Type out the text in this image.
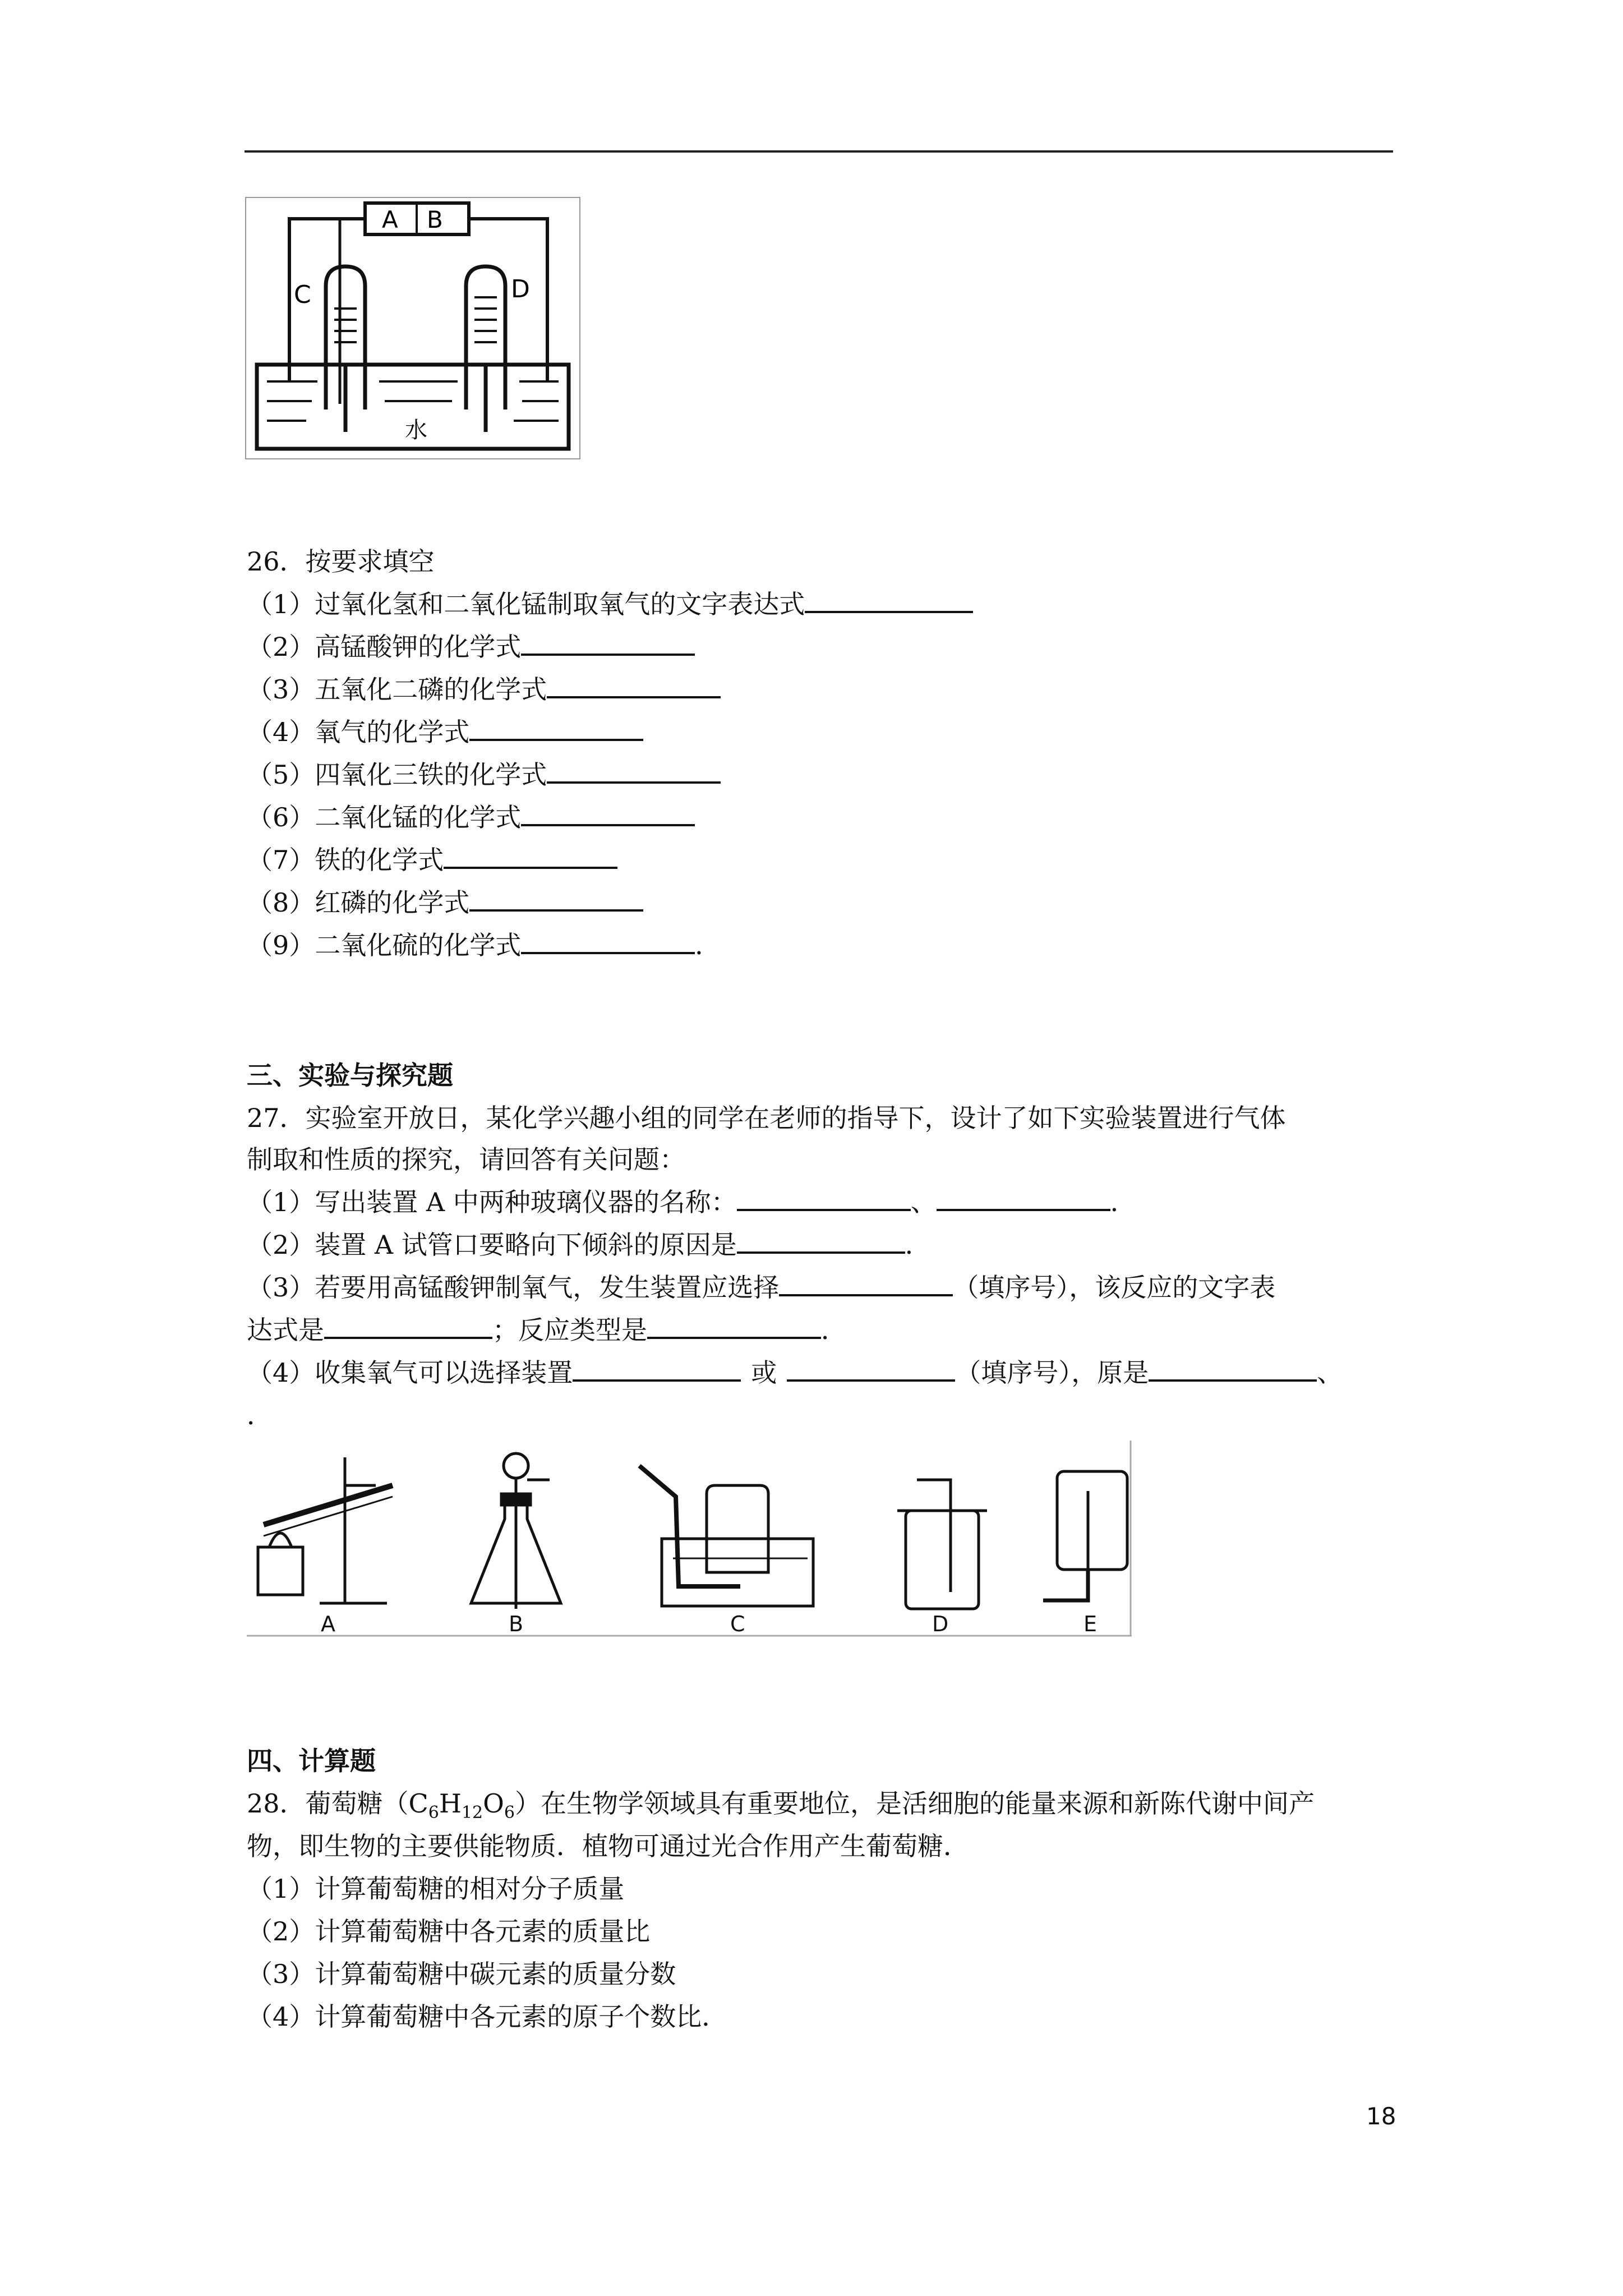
A B
C	D
水
26．按要求填空
（1）过氧化氢和二氧化锰制取氧气的文字表达式
（2）高锰酸钾的化学式
（3）五氧化二磷的化学式
（4）氧气的化学式
（5）四氧化三铁的化学式
（6）二氧化锰的化学式
（7）铁的化学式
（8）红磷的化学式
（9）二氧化硫的化学式	．
三、实验与探究题
27．实验室开放日，某化学兴趣小组的同学在老师的指导下，设计了如下实验装置进行气体
制取和性质的探究，请回答有关问题：
（1）写出装置 A 中两种玻璃仪器的名称：	、	．
（2）装置 A 试管口要略向下倾斜的原因是	．
（3）若要用高锰酸钾制氧气，发生装置应选择	（填序号），该反应的文字表
达式是	；反应类型是	．
（4）收集氧气可以选择装置	或	（填序号），原是	、
．
A	B	C	D	E
四、计算题
28．葡萄糖$(C_6H_{12}O_6)$在生物学领域具有重要地位，是活细胞的能量来源和新陈代谢中间产
物，即生物的主要供能物质．植物可通过光合作用产生葡萄糖．
（1）计算葡萄糖的相对分子质量
（2）计算葡萄糖中各元素的质量比
（3）计算葡萄糖中碳元素的质量分数
（4）计算葡萄糖中各元素的原子个数比．
18
